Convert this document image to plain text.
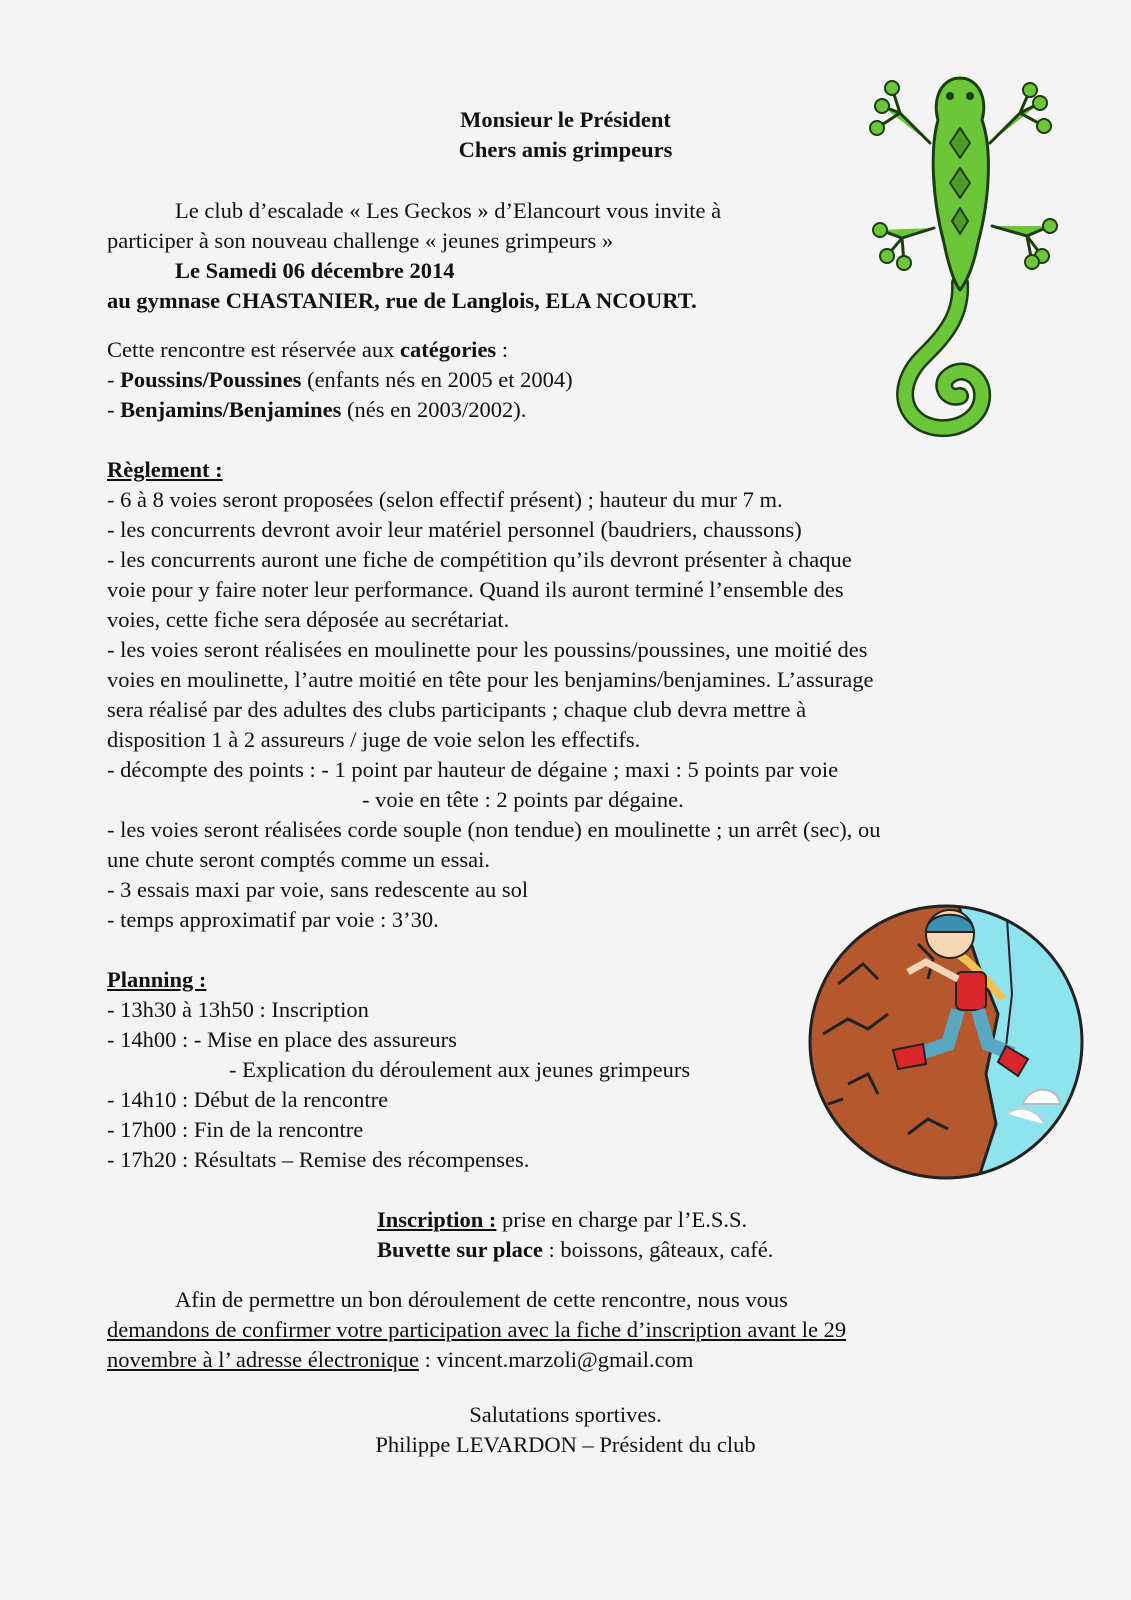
Monsieur le Président
Chers amis grimpeurs
Le club d’escalade « Les Geckos » d’Elancourt vous invite à
participer à son nouveau challenge « jeunes grimpeurs »
Le Samedi 06 décembre 2014
au gymnase CHASTANIER, rue de Langlois, ELA NCOURT.
Cette rencontre est réservée aux catégories :
- Poussins/Poussines (enfants nés en 2005 et 2004)
- Benjamins/Benjamines (nés en 2003/2002).
Règlement :
- 6 à 8 voies seront proposées (selon effectif présent) ; hauteur du mur 7 m.
- les concurrents devront avoir leur matériel personnel (baudriers, chaussons)
- les concurrents auront une fiche de compétition qu’ils devront présenter à chaque
voie pour y faire noter leur performance. Quand ils auront terminé l’ensemble des
voies, cette fiche sera déposée au secrétariat.
- les voies seront réalisées en moulinette pour les poussins/poussines, une moitié des
voies en moulinette, l’autre moitié en tête pour les benjamins/benjamines. L’assurage
sera réalisé par des adultes des clubs participants ; chaque club devra mettre à
disposition 1 à 2 assureurs / juge de voie selon les effectifs.
- décompte des points : - 1 point par hauteur de dégaine ; maxi : 5 points par voie
- voie en tête : 2 points par dégaine.
- les voies seront réalisées corde souple (non tendue) en moulinette ; un arrêt (sec), ou
une chute seront comptés comme un essai.
- 3 essais maxi par voie, sans redescente au sol
- temps approximatif par voie : 3’30.
Planning :
- 13h30 à 13h50 : Inscription
- 14h00 : - Mise en place des assureurs
- Explication du déroulement aux jeunes grimpeurs
- 14h10 : Début de la rencontre
- 17h00 : Fin de la rencontre
- 17h20 : Résultats – Remise des récompenses.
Inscription : prise en charge par l’E.S.S.
Buvette sur place : boissons, gâteaux, café.
Afin de permettre un bon déroulement de cette rencontre, nous vous
demandons de confirmer votre participation avec la fiche d’inscription avant le 29
novembre à l’ adresse électronique : vincent.marzoli@gmail.com
Salutations sportives.
Philippe LEVARDON – Président du club
